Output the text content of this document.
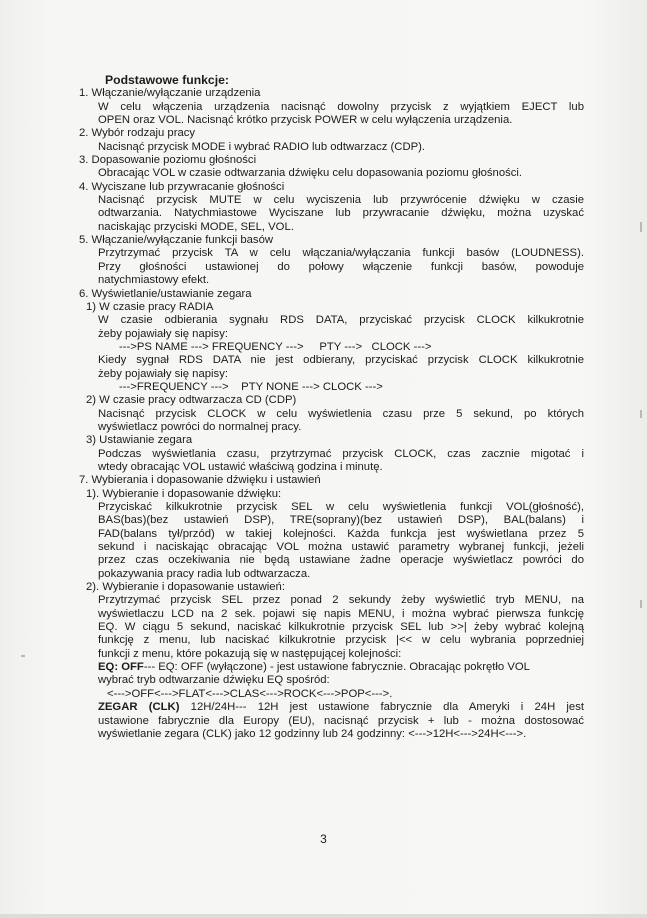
Podstawowe funkcje:
1. Włączanie/wyłączanie urządzenia
W celu włączenia urządzenia nacisnąć dowolny przycisk z wyjątkiem EJECT lub
OPEN oraz VOL. Nacisnąć krótko przycisk POWER w celu wyłączenia urządzenia.
2. Wybór rodzaju pracy
Nacisnąć przycisk MODE i wybrać RADIO lub odtwarzacz (CDP).
3. Dopasowanie poziomu głośności
Obracając VOL w czasie odtwarzania dźwięku celu dopasowania poziomu głośności.
4. Wyciszane lub przywracanie głośności
Nacisnąć przycisk MUTE w celu wyciszenia lub przywrócenie dźwięku w czasie
odtwarzania. Natychmiastowe Wyciszane lub przywracanie dźwięku, można uzyskać
naciskając przyciski MODE, SEL, VOL.
5. Włączanie/wyłączanie funkcji basów
Przytrzymać przycisk TA w celu włączania/wyłączania funkcji basów (LOUDNESS).
Przy głośności ustawionej do połowy włączenie funkcji basów, powoduje
natychmiastowy efekt.
6. Wyświetlanie/ustawianie zegara
1) W czasie pracy RADIA
W czasie odbierania sygnału RDS DATA, przyciskać przycisk CLOCK kilkukrotnie
żeby pojawiały się napisy:
--->PS NAME ---> FREQUENCY --->     PTY --->   CLOCK --->
Kiedy sygnał RDS DATA nie jest odbierany, przyciskać przycisk CLOCK kilkukrotnie
żeby pojawiały się napisy:
--->FREQUENCY --->    PTY NONE ---> CLOCK --->
2) W czasie pracy odtwarzacza CD (CDP)
Nacisnąć przycisk CLOCK w celu wyświetlenia czasu prze 5 sekund, po których
wyświetlacz powróci do normalnej pracy.
3) Ustawianie zegara
Podczas wyświetlania czasu, przytrzymać przycisk CLOCK, czas zacznie migotać i
wtedy obracając VOL ustawić właściwą godzina i minutę.
7. Wybierania i dopasowanie dźwięku i ustawień
1). Wybieranie i dopasowanie dźwięku:
Przyciskać kilkukrotnie przycisk SEL w celu wyświetlenia funkcji VOL(głośność),
BAS(bas)(bez ustawień DSP), TRE(soprany)(bez ustawień DSP), BAL(balans) i
FAD(balans tył/przód) w takiej kolejności. Każda funkcja jest wyświetlana przez 5
sekund i naciskając obracając VOL można ustawić parametry wybranej funkcji, jeżeli
przez czas oczekiwania nie będą ustawiane żadne operacje wyświetlacz powróci do
pokazywania pracy radia lub odtwarzacza.
2). Wybieranie i dopasowanie ustawień:
Przytrzymać przycisk SEL przez ponad 2 sekundy żeby wyświetlić tryb MENU, na
wyświetlaczu LCD na 2 sek. pojawi się napis MENU, i można wybrać pierwsza funkcję
EQ. W ciągu 5 sekund, naciskać kilkukrotnie przycisk SEL lub >>| żeby wybrać kolejną
funkcję z menu, lub naciskać kilkukrotnie przycisk |<< w celu wybrania poprzedniej
funkcji z menu, które pokazują się w następującej kolejności:
EQ: OFF--- EQ: OFF (wyłączone) - jest ustawione fabrycznie. Obracając pokrętło VOL
wybrać tryb odtwarzanie dźwięku EQ spośród:
<--->OFF<--->FLAT<--->CLAS<--->ROCK<--->POP<--->.
ZEGAR (CLK) 12H/24H--- 12H jest ustawione fabrycznie dla Ameryki i 24H jest
ustawione fabrycznie dla Europy (EU), nacisnąć przycisk + lub - można dostosować
wyświetlanie zegara (CLK) jako 12 godzinny lub 24 godzinny: <--->12H<--->24H<--->.
3
